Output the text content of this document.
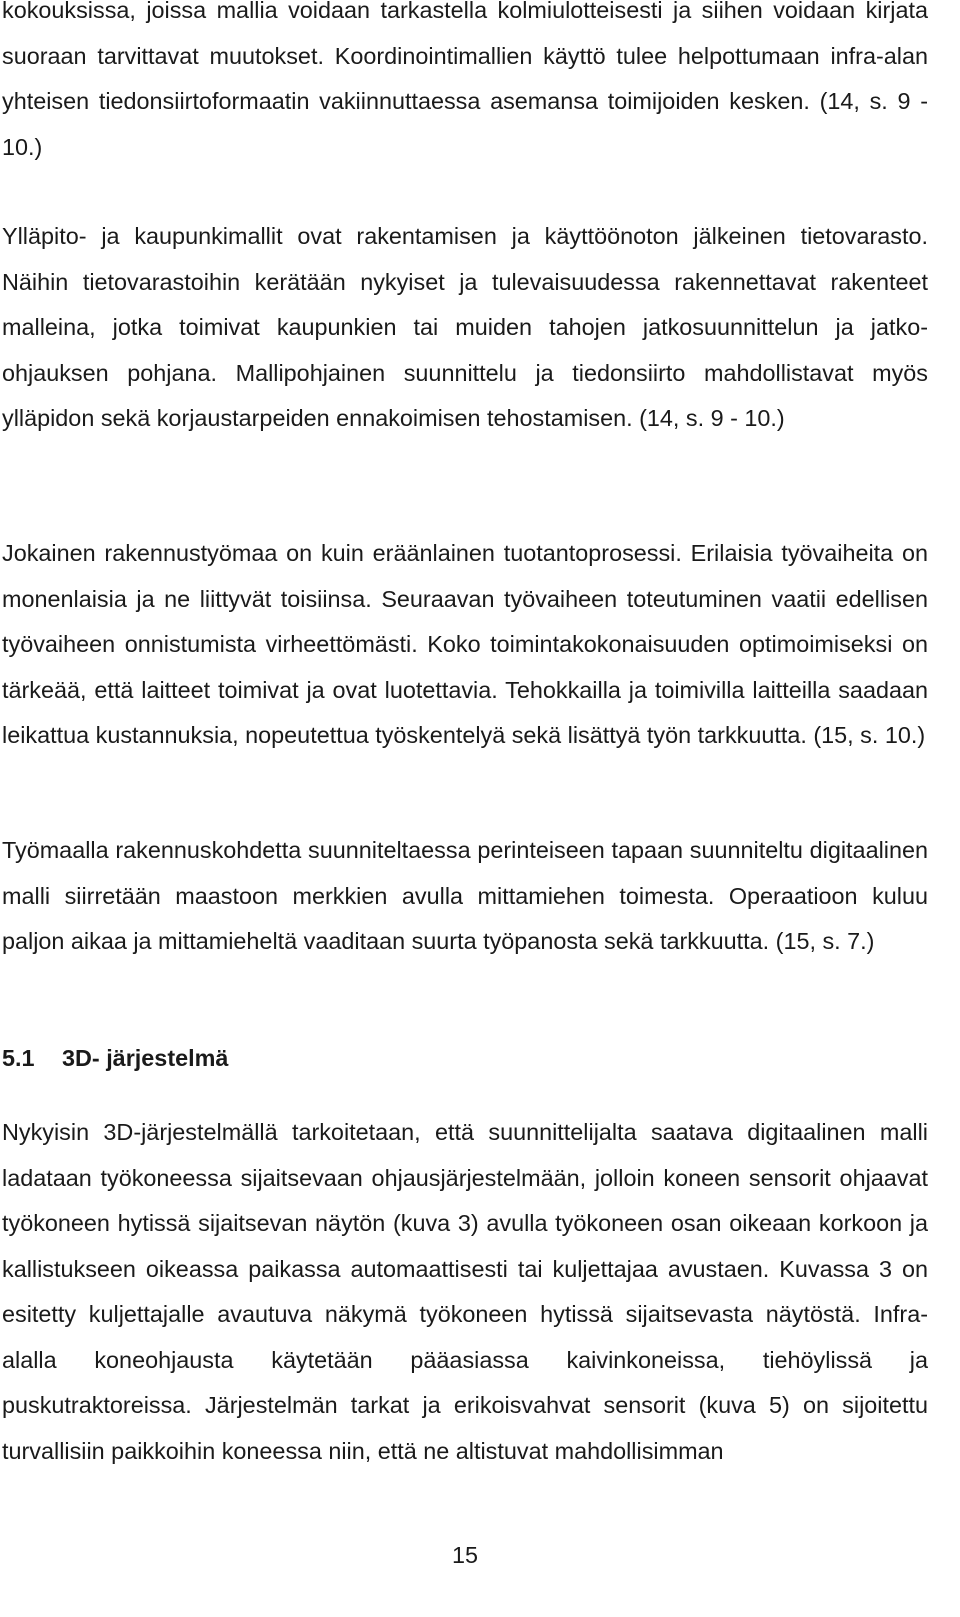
kokouksissa, joissa mallia voidaan tarkastella kolmiulotteisesti ja siihen voidaan kirjata suoraan tarvittavat muutokset. Koordinointimallien käyttö tulee helpottumaan infra-alan yhteisen tiedonsiirtoformaatin vakiinnuttaessa asemansa toimijoiden kesken. (14, s. 9 - 10.)

Ylläpito- ja kaupunkimallit ovat rakentamisen ja käyttöönoton jälkeinen tietovarasto. Näihin tietovarastoihin kerätään nykyiset ja tulevaisuudessa rakennettavat rakenteet malleina, jotka toimivat kaupunkien tai muiden tahojen jatkosuunnittelun ja jatko-ohjauksen pohjana. Mallipohjainen suunnittelu ja tiedonsiirto mahdollistavat myös ylläpidon sekä korjaustarpeiden ennakoimisen tehostamisen. (14, s. 9 - 10.)

Jokainen rakennustyömaa on kuin eräänlainen tuotantoprosessi. Erilaisia työvaiheita on monenlaisia ja ne liittyvät toisiinsa. Seuraavan työvaiheen toteutuminen vaatii edellisen työvaiheen onnistumista virheettömästi. Koko toimintakokonaisuuden optimoimiseksi on tärkeää, että laitteet toimivat ja ovat luotettavia. Tehokkailla ja toimivilla laitteilla saadaan leikattua kustannuksia, nopeutettua työskentelyä sekä lisättyä työn tarkkuutta. (15, s. 10.)

Työmaalla rakennuskohdetta suunniteltaessa perinteiseen tapaan suunniteltu digitaalinen malli siirretään maastoon merkkien avulla mittamiehen toimesta. Operaatioon kuluu paljon aikaa ja mittamieheltä vaaditaan suurta työpanosta sekä tarkkuutta. (15, s. 7.)

5.1 3D- järjestelmä

Nykyisin 3D-järjestelmällä tarkoitetaan, että suunnittelijalta saatava digitaalinen malli ladataan työkoneessa sijaitsevaan ohjausjärjestelmään, jolloin koneen sensorit ohjaavat työkoneen hytissä sijaitsevan näytön (kuva 3) avulla työkoneen osan oikeaan korkoon ja kallistukseen oikeassa paikassa automaattisesti tai kuljettajaa avustaen. Kuvassa 3 on esitetty kuljettajalle avautuva näkymä työkoneen hytissä sijaitsevasta näytöstä. Infra-alalla koneohjausta käytetään pääasiassa kaivinkoneissa, tiehöylissä ja puskutraktoreissa. Järjestelmän tarkat ja erikoisvahvat sensorit (kuva 5) on sijoitettu turvallisiin paikkoihin koneessa niin, että ne altistuvat mahdollisimman

15
